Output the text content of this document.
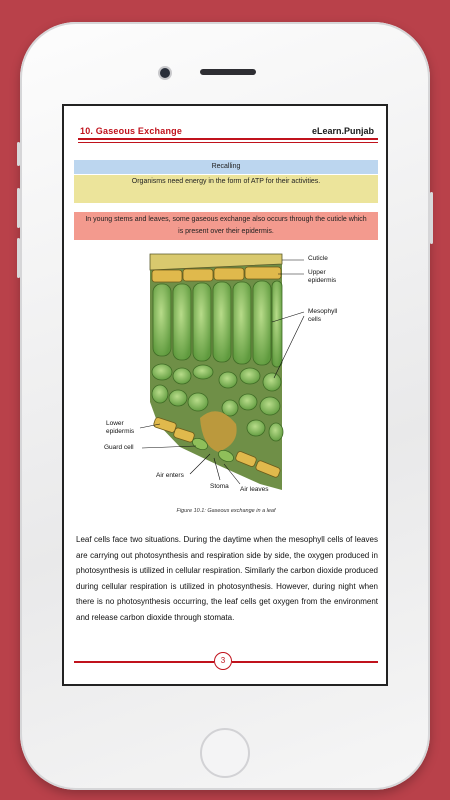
10. Gaseous Exchange	eLearn.Punjab
Recalling
Organisms need energy in the form of ATP for their activities.
In young stems and leaves, some gaseous exchange also occurs through the cuticle which is present over their epidermis.
Cuticle
Upper
epidermis
Mesophyll
cells
Lower
epidermis
Guard cell
Air enters
Stoma Air leaves
Figure 10.1: Gaseous exchange in a leaf
Leaf cells face two situations. During the daytime when the mesophyll cells of leaves are carrying out photosynthesis and respiration side by side, the oxygen produced in photosynthesis is utilized in cellular respiration. Similarly the carbon dioxide produced during cellular respiration is utilized in photosynthesis. However, during night when there is no photosynthesis occurring, the leaf cells get oxygen from the environment and release carbon dioxide through stomata.
3
